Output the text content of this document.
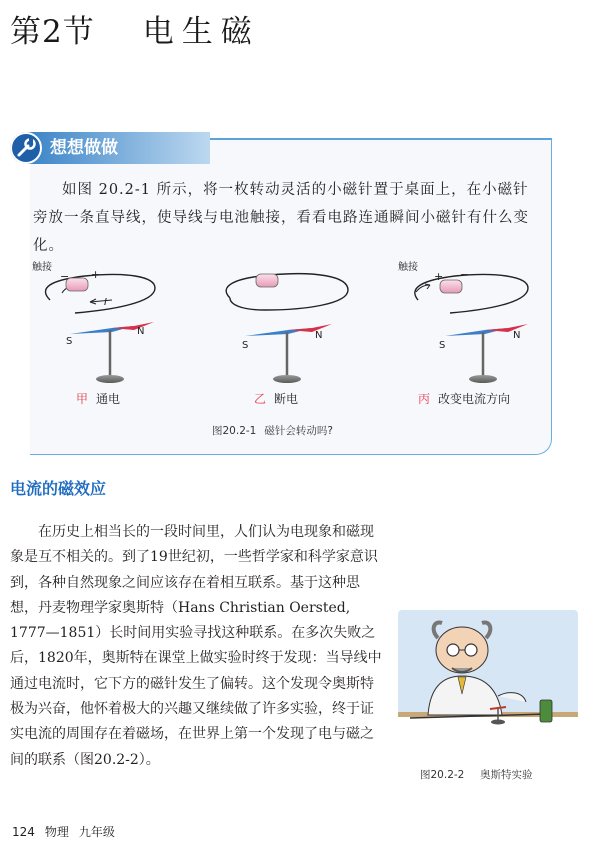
第2节 电生磁
想想做做

如图 20.2-1 所示，将一枚转动灵活的小磁针置于桌面上，在小磁针旁放一条直导线，使导线与电池触接，看看电路连通瞬间小磁针有什么变化。

触接
− +
I
S
N
S
N
触接
+ −
S
N
甲 通电	乙 断电	丙 改变电流方向
图20.2-1 磁针会转动吗?
电流的磁效应

在历史上相当长的一段时间里，人们认为电现象和磁现象是互不相关的。到了19世纪初，一些哲学家和科学家意识到，各种自然现象之间应该存在着相互联系。基于这种思想，丹麦物理学家奥斯特（Hans Christian Oersted, 1777—1851）长时间用实验寻找这种联系。在多次失败之后，1820年，奥斯特在课堂上做实验时终于发现：当导线中通过电流时，它下方的磁针发生了偏转。这个发现令奥斯特极为兴奋，他怀着极大的兴趣又继续做了许多实验，终于证实电流的周围存在着磁场，在世界上第一个发现了电与磁之间的联系（图20.2-2）。

图20.2-2 奥斯特实验
124 物理 九年级
